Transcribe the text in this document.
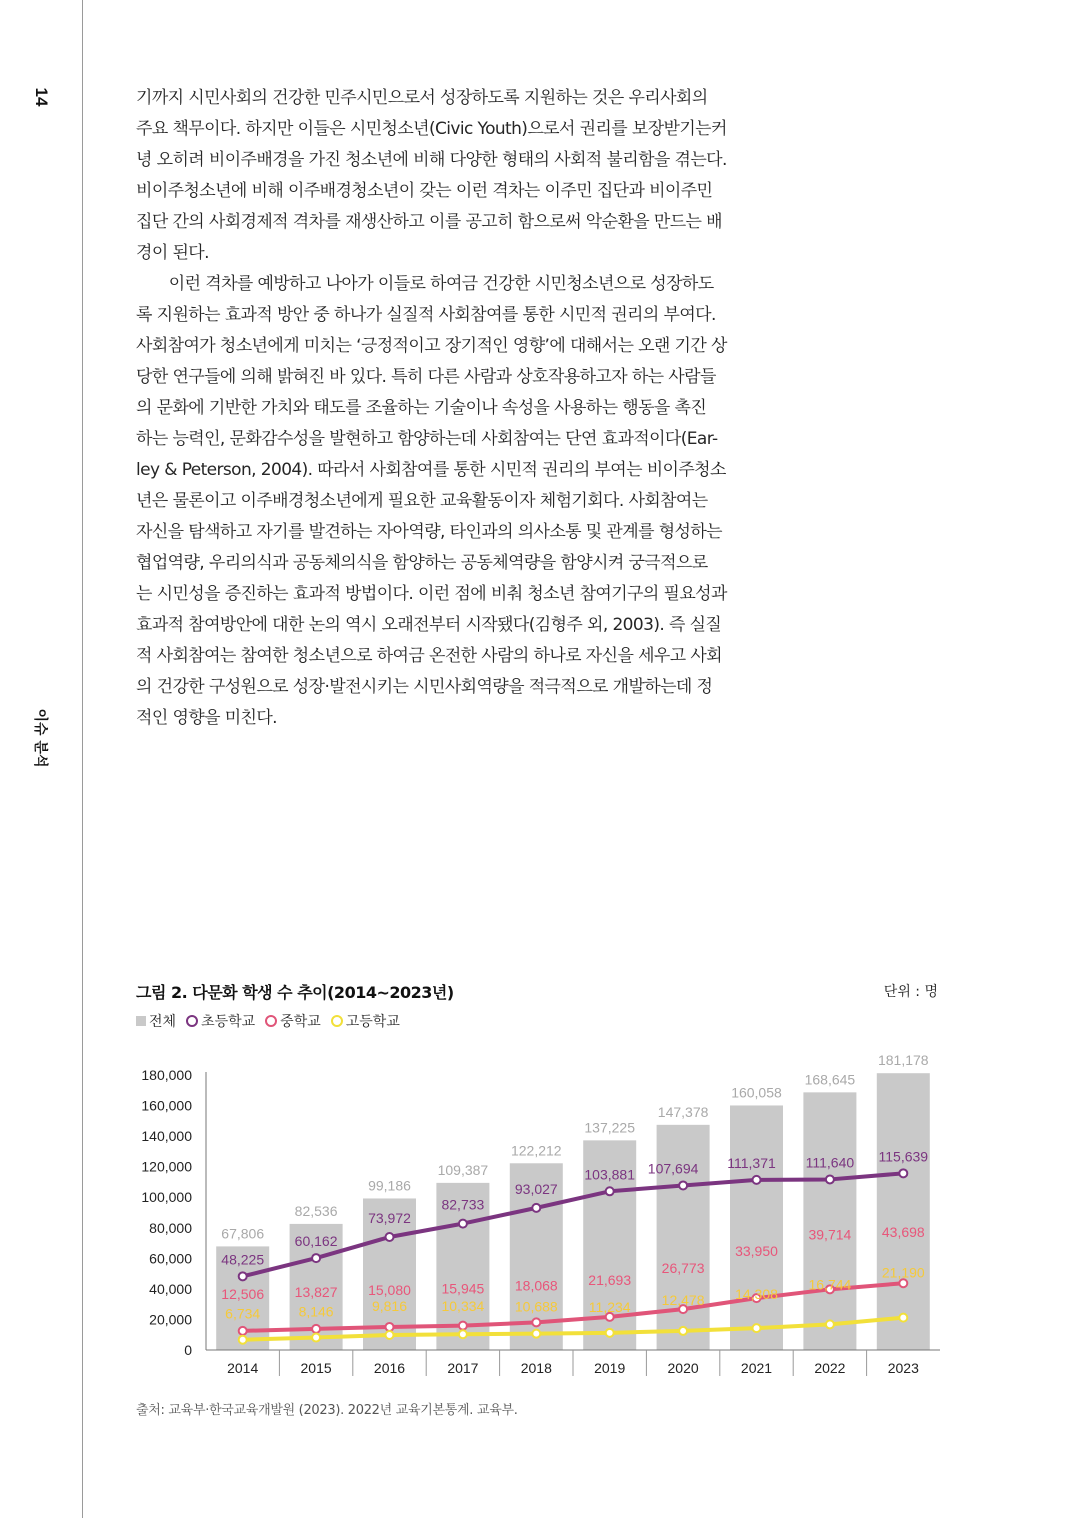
14
이슈 분석
기까지 시민사회의 건강한 민주시민으로서 성장하도록 지원하는 것은 우리사회의
주요 책무이다. 하지만 이들은 시민청소년(Civic Youth)으로서 권리를 보장받기는커
녕 오히려 비이주배경을 가진 청소년에 비해 다양한 형태의 사회적 불리함을 겪는다.
비이주청소년에 비해 이주배경청소년이 갖는 이런 격차는 이주민 집단과 비이주민
집단 간의 사회경제적 격차를 재생산하고 이를 공고히 함으로써 악순환을 만드는 배
경이 된다.
　　이런 격차를 예방하고 나아가 이들로 하여금 건강한 시민청소년으로 성장하도
록 지원하는 효과적 방안 중 하나가 실질적 사회참여를 통한 시민적 권리의 부여다.
사회참여가 청소년에게 미치는 ‘긍정적이고 장기적인 영향’에 대해서는 오랜 기간 상
당한 연구들에 의해 밝혀진 바 있다. 특히 다른 사람과 상호작용하고자 하는 사람들
의 문화에 기반한 가치와 태도를 조율하는 기술이나 속성을 사용하는 행동을 촉진
하는 능력인, 문화감수성을 발현하고 함양하는데 사회참여는 단연 효과적이다(Ear-
ley & Peterson, 2004). 따라서 사회참여를 통한 시민적 권리의 부여는 비이주청소
년은 물론이고 이주배경청소년에게 필요한 교육활동이자 체험기회다. 사회참여는
자신을 탐색하고 자기를 발견하는 자아역량, 타인과의 의사소통 및 관계를 형성하는
협업역량, 우리의식과 공동체의식을 함양하는 공동체역량을 함양시켜 궁극적으로
는 시민성을 증진하는 효과적 방법이다. 이런 점에 비춰 청소년 참여기구의 필요성과
효과적 참여방안에 대한 논의 역시 오래전부터 시작됐다(김형주 외, 2003). 즉 실질
적 사회참여는 참여한 청소년으로 하여금 온전한 사람의 하나로 자신을 세우고 사회
의 건강한 구성원으로 성장·발전시키는 시민사회역량을 적극적으로 개발하는데 정
적인 영향을 미친다.
그림 2. 다문화 학생 수 추이(2014~2023년)	단위 : 명
전체 초등학교 중학교 고등학교
0
20,000
40,000
60,000
80,000
100,000
120,000
140,000
160,000
180,000
67,806
82,536
99,186
109,387
122,212
137,225
147,378
160,058
168,645
181,178
2014	2015	2016	2017	2018	2019	2020	2021	2022	2023
48,225
60,162
73,972
82,733
93,027
103,881 107,694 111,371 111,640 115,639
12,506 13,827 15,080 15,945 18,068 21,693
26,773
33,950
39,714 43,698
6,734	8,146	9,816 10,334 10,688 11,234 12,478 14,308
16,744
21,190
출처: 교육부·한국교육개발원 (2023). 2022년 교육기본통계. 교육부.
